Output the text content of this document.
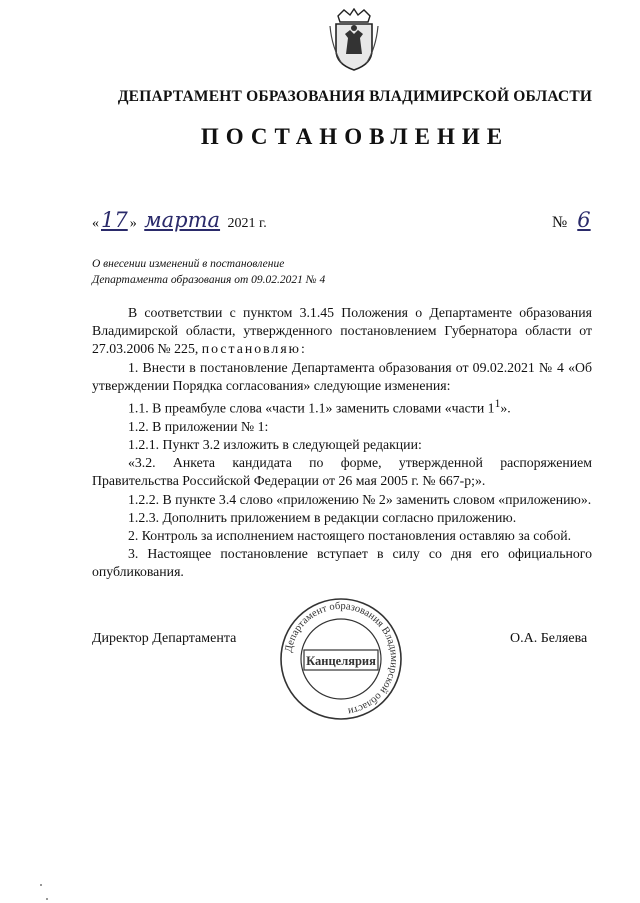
ДЕПАРТАМЕНТ ОБРАЗОВАНИЯ ВЛАДИМИРСКОЙ ОБЛАСТИ
ПОСТАНОВЛЕНИЕ
«17 » марта 2021 г.	№ 6
О внесении изменений в постановление
Департамента образования от 09.02.2021 № 4

В соответствии с пунктом 3.1.45 Положения о Департаменте образования Владимирской области, утвержденного постановлением Губернатора области от 27.03.2006 № 225, постановляю:

1. Внести в постановление Департамента образования от 09.02.2021 № 4 «Об утверждении Порядка согласования» следующие изменения:

1.1. В преамбуле слова «части 1.1» заменить словами «части $1^1$».

1.2. В приложении № 1:

1.2.1. Пункт 3.2 изложить в следующей редакции:

«3.2. Анкета кандидата по форме, утвержденной распоряжением Правительства Российской Федерации от 26 мая 2005 г. № 667-р;».

1.2.2. В пункте 3.4 слово «приложению № 2» заменить словом «приложению».

1.2.3. Дополнить приложением в редакции согласно приложению.

2. Контроль за исполнением настоящего постановления оставляю за собой.

3. Настоящее постановление вступает в силу со дня его официального опубликования.

Департамент образования Владимирской области
Канцелярия
Директор Департамента	О.А. Беляева
